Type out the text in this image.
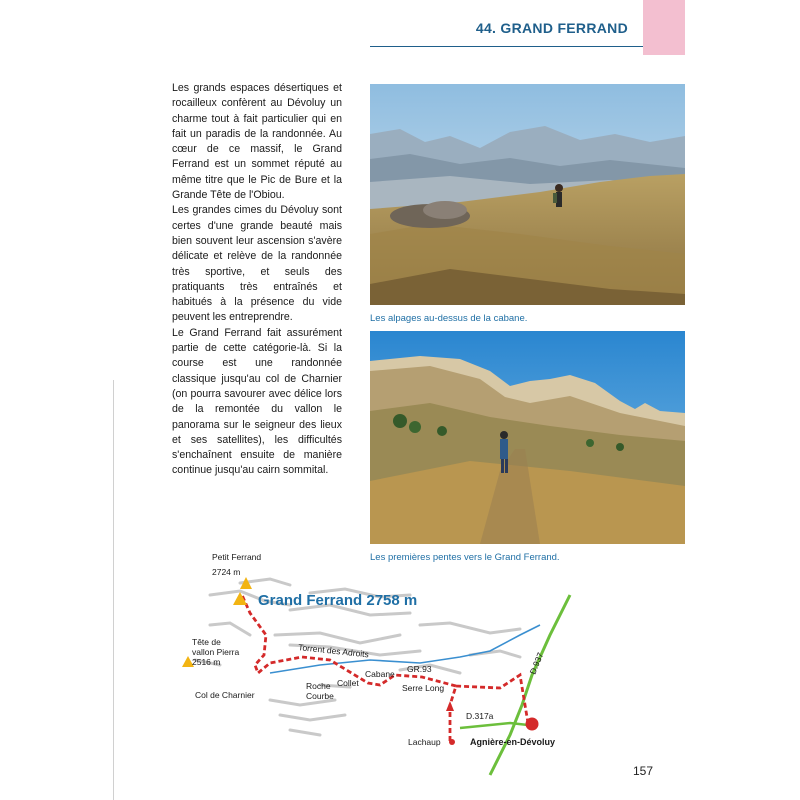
44. GRAND FERRAND

Les grands espaces désertiques et rocailleux confèrent au Dévoluy un charme tout à fait particulier qui en fait un paradis de la randonnée. Au cœur de ce massif, le Grand Ferrand est un sommet réputé au même titre que le Pic de Bure et la Grande Tête de l'Obiou.

Les grandes cimes du Dévoluy sont certes d'une grande beauté mais bien souvent leur ascension s'avère délicate et relève de la randonnée très sportive, et seuls des pratiquants très entraînés et habitués à la présence du vide peuvent les entreprendre.

Le Grand Ferrand fait assurément partie de cette catégorie-là. Si la course est une randonnée classique jusqu'au col de Charnier (on pourra savourer avec délice lors de la remontée du vallon le panorama sur le seigneur des lieux et ses satellites), les difficultés s'enchaînent ensuite de manière continue jusqu'au cairn sommital.

Les alpages au-dessus de la cabane.
Les premières pentes vers le Grand Ferrand.
Petit Ferrand
2724 m
Grand Ferrand 2758 m
Tête de
vallon Pierra
2516 m
Col de Charnier
Torrent des Adroits
Roche
Courbe
Collet
Cabane GR.93
Serre Long
D.317a
D.937
Lachaup	Agnière-en-Dévoluy
157
